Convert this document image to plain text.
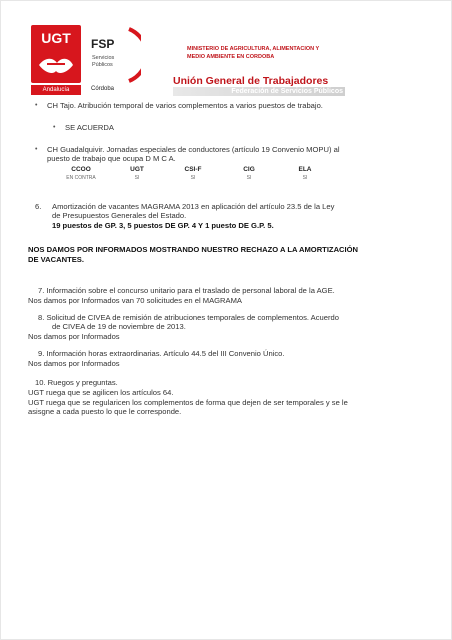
UGT
Andalucía
FSP
Servicios
Públicos
Córdoba
MINISTERIO DE AGRICULTURA, ALIMENTACION Y
MEDIO AMBIENTE EN CORDOBA
Unión General de Trabajadores
Federación de Servicios Públicos
• CH Tajo. Atribución temporal de varios complementos a varios puestos de trabajo.
• SE ACUERDA
• CH Guadalquivir. Jornadas especiales de conductores (artículo 19 Convenio MOPU) al
puesto de trabajo que ocupa D M C A.
CCOO	UGT	CSI-F	CIG	ELA
EN CONTRA	SI	SI	SI	SI
6. Amortización de vacantes MAGRAMA 2013 en aplicación del artículo 23.5 de la Ley
de Presupuestos Generales del Estado.
19 puestos de GP. 3, 5 puestos DE GP. 4 Y 1 puesto DE G.P. 5.
NOS DAMOS POR INFORMADOS MOSTRANDO NUESTRO RECHAZO A LA AMORTIZACIÓN
DE VACANTES.
7. Información sobre el concurso unitario para el traslado de personal laboral de la AGE.
Nos damos por Informados van 70 solicitudes en el MAGRAMA
8. Solicitud de CIVEA de remisión de atribuciones temporales de complementos. Acuerdo
de CIVEA de 19 de noviembre de 2013.
Nos damos por Informados
9. Información horas extraordinarias. Artículo 44.5 del III Convenio Único.
Nos damos por Informados
10. Ruegos y preguntas.
UGT ruega que se agilicen los artículos 64.
UGT ruega que se regularicen los complementos de forma que dejen de ser temporales y se le
asisgne a cada puesto lo que le corresponde.
